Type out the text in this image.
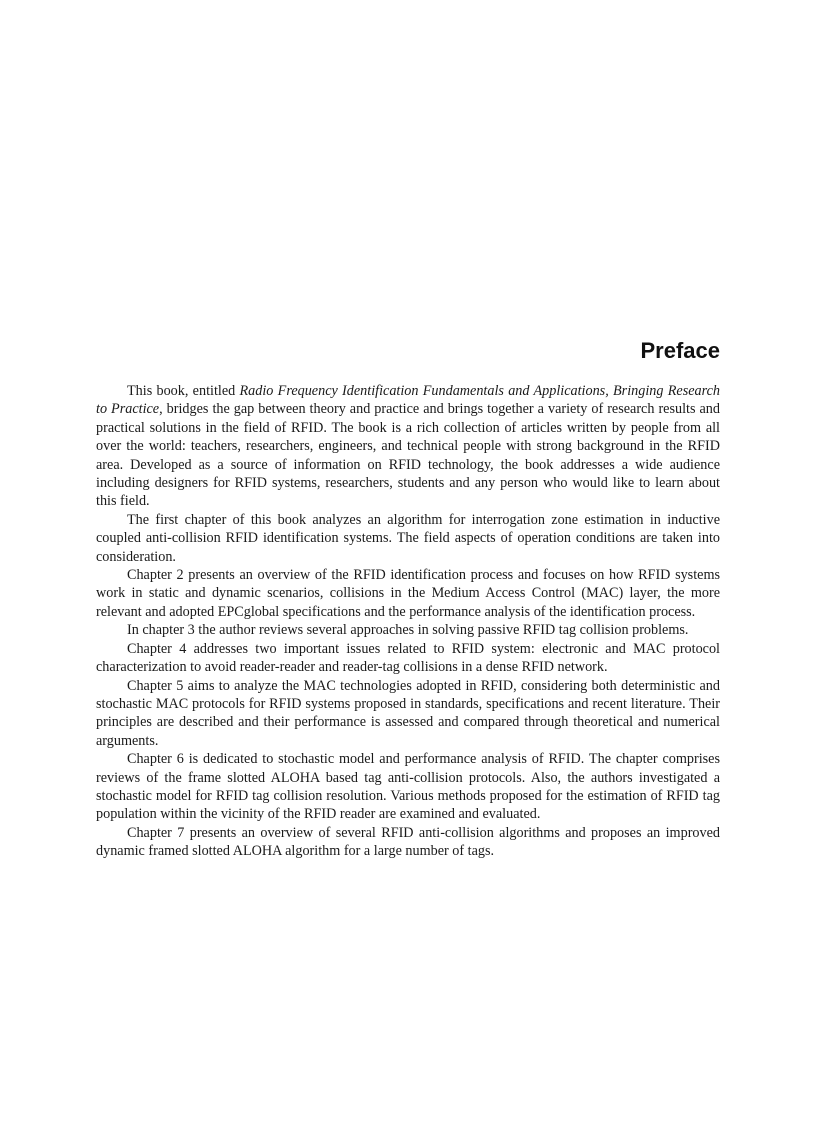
Preface

This book, entitled Radio Frequency Identification Fundamentals and Applications, Bringing Research to Practice, bridges the gap between theory and practice and brings together a variety of research results and practical solutions in the field of RFID. The book is a rich collection of articles written by people from all over the world: teachers, researchers, engineers, and technical people with strong background in the RFID area. Developed as a source of information on RFID technology, the book addresses a wide audience including designers for RFID systems, researchers, students and any person who would like to learn about this field.

The first chapter of this book analyzes an algorithm for interrogation zone estimation in inductive coupled anti-collision RFID identification systems. The field aspects of operation conditions are taken into consideration.

Chapter 2 presents an overview of the RFID identification process and focuses on how RFID systems work in static and dynamic scenarios, collisions in the Medium Access Control (MAC) layer, the more relevant and adopted EPCglobal specifications and the performance analysis of the identification process.

In chapter 3 the author reviews several approaches in solving passive RFID tag collision problems.

Chapter 4 addresses two important issues related to RFID system: electronic and MAC protocol characterization to avoid reader-reader and reader-tag collisions in a dense RFID network.

Chapter 5 aims to analyze the MAC technologies adopted in RFID, considering both deterministic and stochastic MAC protocols for RFID systems proposed in standards, specifications and recent literature. Their principles are described and their performance is assessed and compared through theoretical and numerical arguments.

Chapter 6 is dedicated to stochastic model and performance analysis of RFID. The chapter comprises reviews of the frame slotted ALOHA based tag anti-collision protocols. Also, the authors investigated a stochastic model for RFID tag collision resolution. Various methods proposed for the estimation of RFID tag population within the vicinity of the RFID reader are examined and evaluated.

Chapter 7 presents an overview of several RFID anti-collision algorithms and proposes an improved dynamic framed slotted ALOHA algorithm for a large number of tags.
